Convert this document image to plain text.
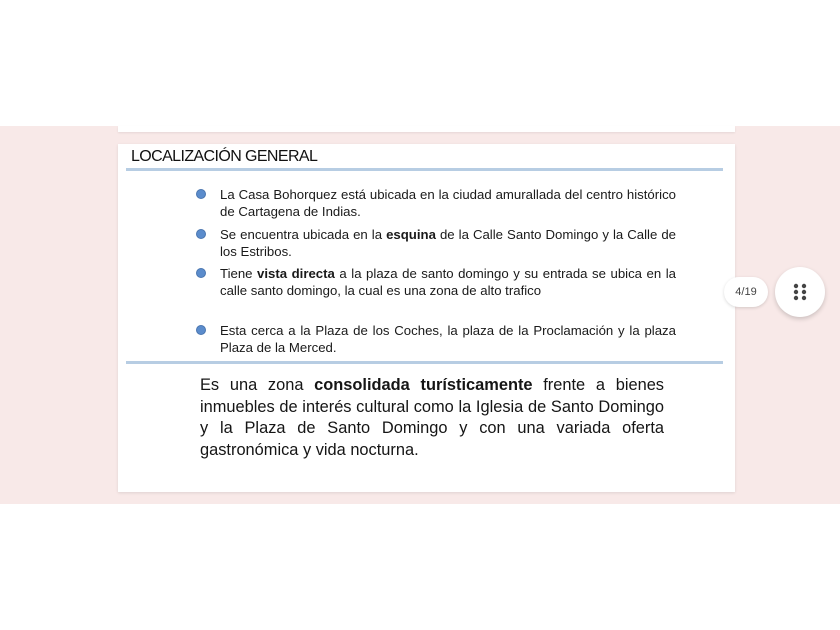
LOCALIZACIÓN GENERAL
La Casa Bohorquez está ubicada en la ciudad amurallada del centro histórico de Cartagena de Indias.
Se encuentra ubicada en la esquina de la Calle Santo Domingo y la Calle de los Estribos.
Tiene vista directa a la plaza de santo domingo y su entrada se ubica en la calle santo domingo, la cual es una zona de alto trafico
Esta cerca a la Plaza de los Coches, la plaza de la Proclamación y la plaza Plaza de la Merced.

Es una zona consolidada turísticamente frente a bienes inmuebles de interés cultural como la Iglesia de Santo Domingo y la Plaza de Santo Domingo y con una variada oferta gastronómica y vida nocturna.

4/19
